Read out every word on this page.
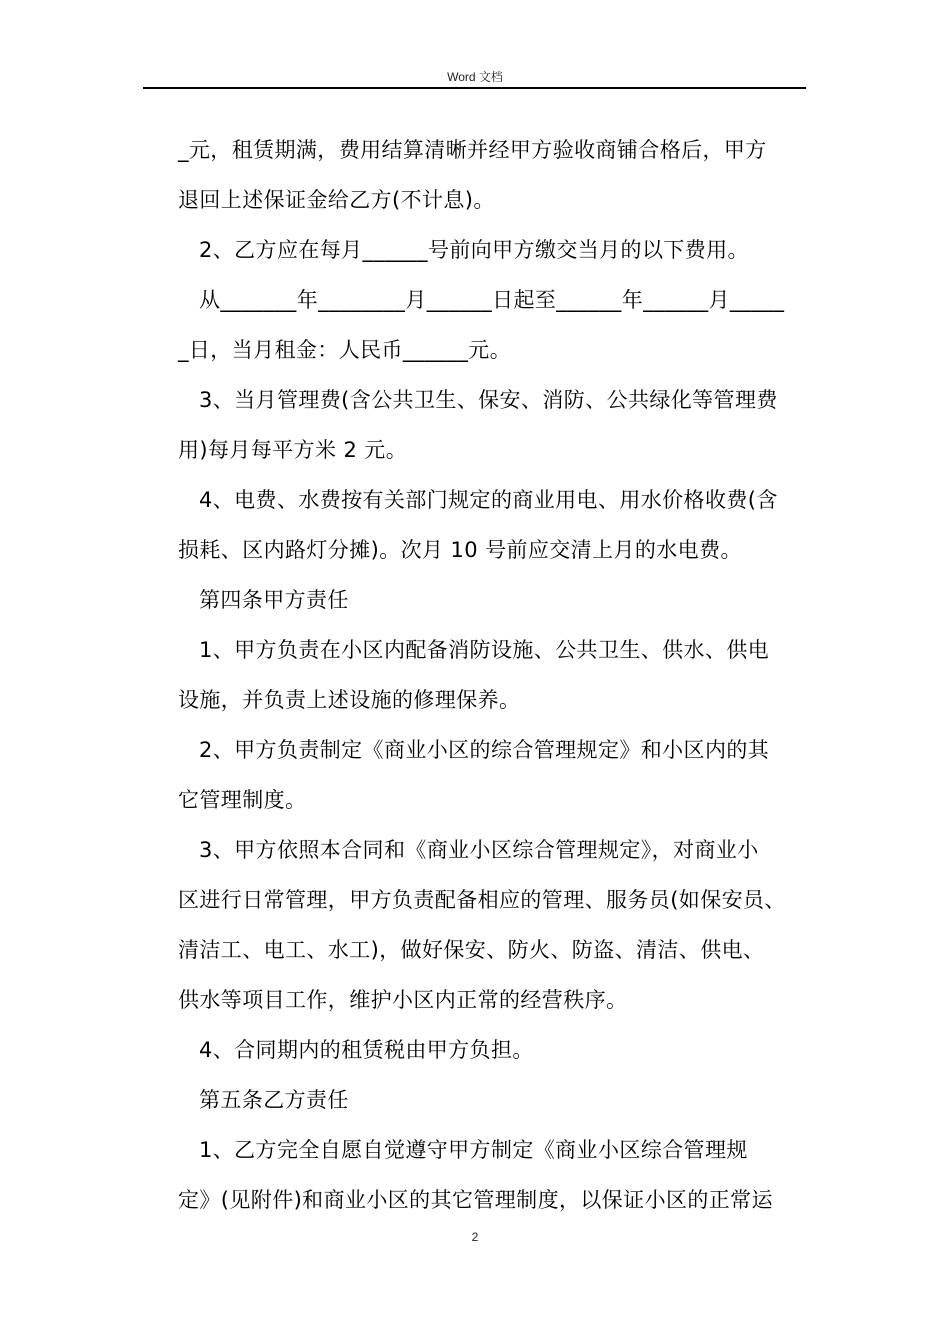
Word 文档
_元，租赁期满，费用结算清晰并经甲方验收商铺合格后，甲方
退回上述保证金给乙方(不计息)。
2、乙方应在每月______号前向甲方缴交当月的以下费用。
从_______年________月______日起至______年______月_____
_日，当月租金：人民币______元。
3、当月管理费(含公共卫生、保安、消防、公共绿化等管理费
用)每月每平方米 2 元。
4、电费、水费按有关部门规定的商业用电、用水价格收费(含
损耗、区内路灯分摊)。次月 10 号前应交清上月的水电费。
第四条甲方责任
1、甲方负责在小区内配备消防设施、公共卫生、供水、供电
设施，并负责上述设施的修理保养。
2、甲方负责制定《商业小区的综合管理规定》和小区内的其
它管理制度。
3、甲方依照本合同和《商业小区综合管理规定》，对商业小
区进行日常管理，甲方负责配备相应的管理、服务员(如保安员、
清洁工、电工、水工)，做好保安、防火、防盗、清洁、供电、
供水等项目工作，维护小区内正常的经营秩序。
4、合同期内的租赁税由甲方负担。
第五条乙方责任
1、乙方完全自愿自觉遵守甲方制定《商业小区综合管理规
定》(见附件)和商业小区的其它管理制度，以保证小区的正常运
2
